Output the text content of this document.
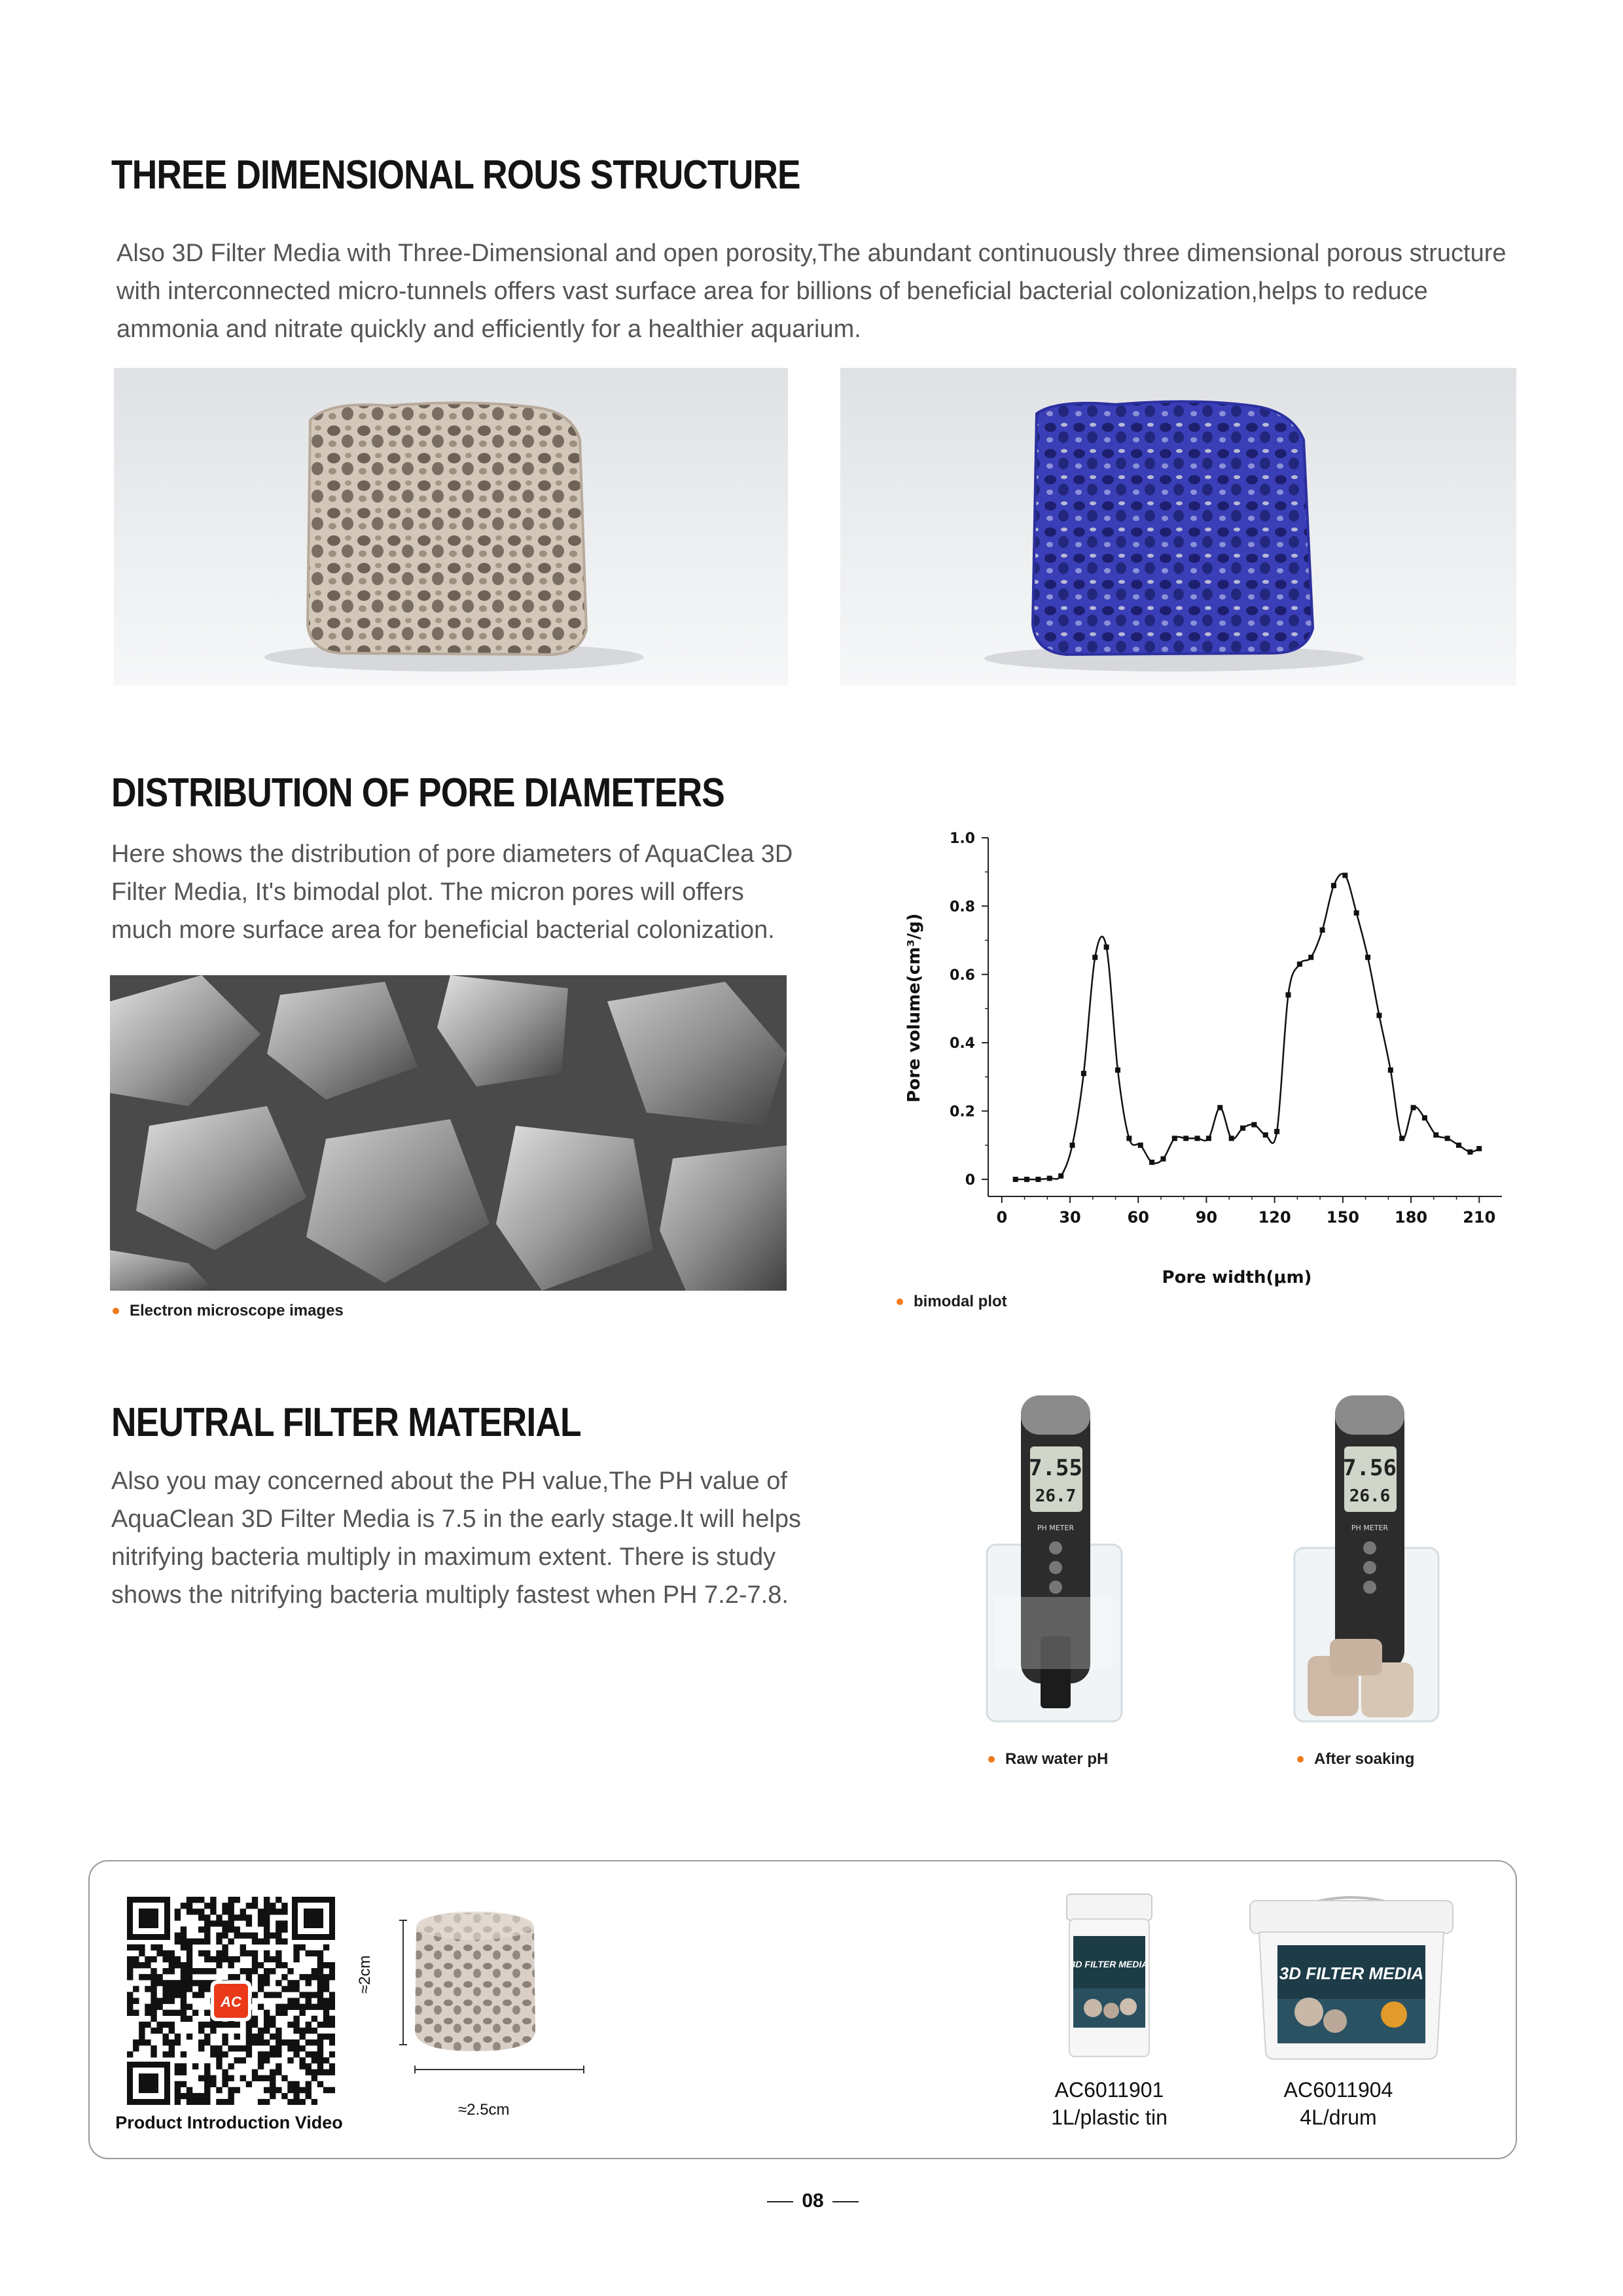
THREE DIMENSIONAL ROUS STRUCTURE

Also 3D Filter Media with Three-Dimensional and open porosity,The abundant continuously three dimensional porous structure with interconnected micro-tunnels offers vast surface area for billions of beneficial bacterial colonization,helps to reduce ammonia and nitrate quickly and efficiently for a healthier aquarium.

DISTRIBUTION OF PORE DIAMETERS

Here shows the distribution of pore diameters of AquaClea 3D Filter Media, It's bimodal plot. The micron pores will offers much more surface area for beneficial bacterial colonization.

Electron microscope images
0	30	60	90	120 150 180 210
0
0.2
0.4
0.6
0.8
1.0
Pore width(μm)
Pore volume(cm³/g)
bimodal plot
NEUTRAL FILTER MATERIAL

Also you may concerned about the PH value,The PH value of AquaClean 3D Filter Media is 7.5 in the early stage.It will helps nitrifying bacteria multiply in maximum extent. There is study shows the nitrifying bacteria multiply fastest when PH 7.2-7.8.

7.55
26.7
PH METER
Raw water pH
7.56
26.6
PH METER
After soaking
AC
Product Introduction Video
≈2cm
≈2.5cm
3D FILTER MEDIA
AC6011901
1L/plastic tin
3D FILTER MEDIA
AC6011904
4L/drum
08
